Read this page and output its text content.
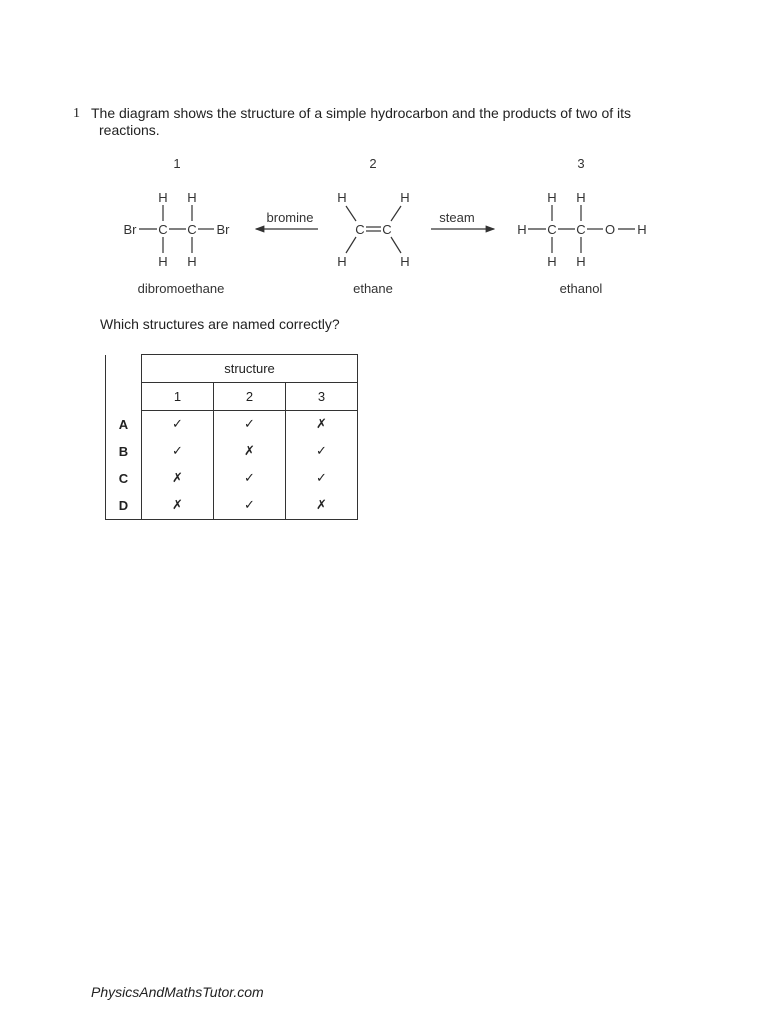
1 The diagram shows the structure of a simple hydrocarbon and the products of two of its
reactions.
1	2	3
Br C C Br
H H
H H
dibromoethane
bromine
H	H
C C
H	H
ethane
steam
H C C O H
H H
H H
ethanol
Which structures are named correctly?
	structure		
	1	2	3
A	✓	✓	✗
B	✓	✗	✓
C	✗	✓	✓
D	✗	✓	✗
PhysicsAndMathsTutor.com
